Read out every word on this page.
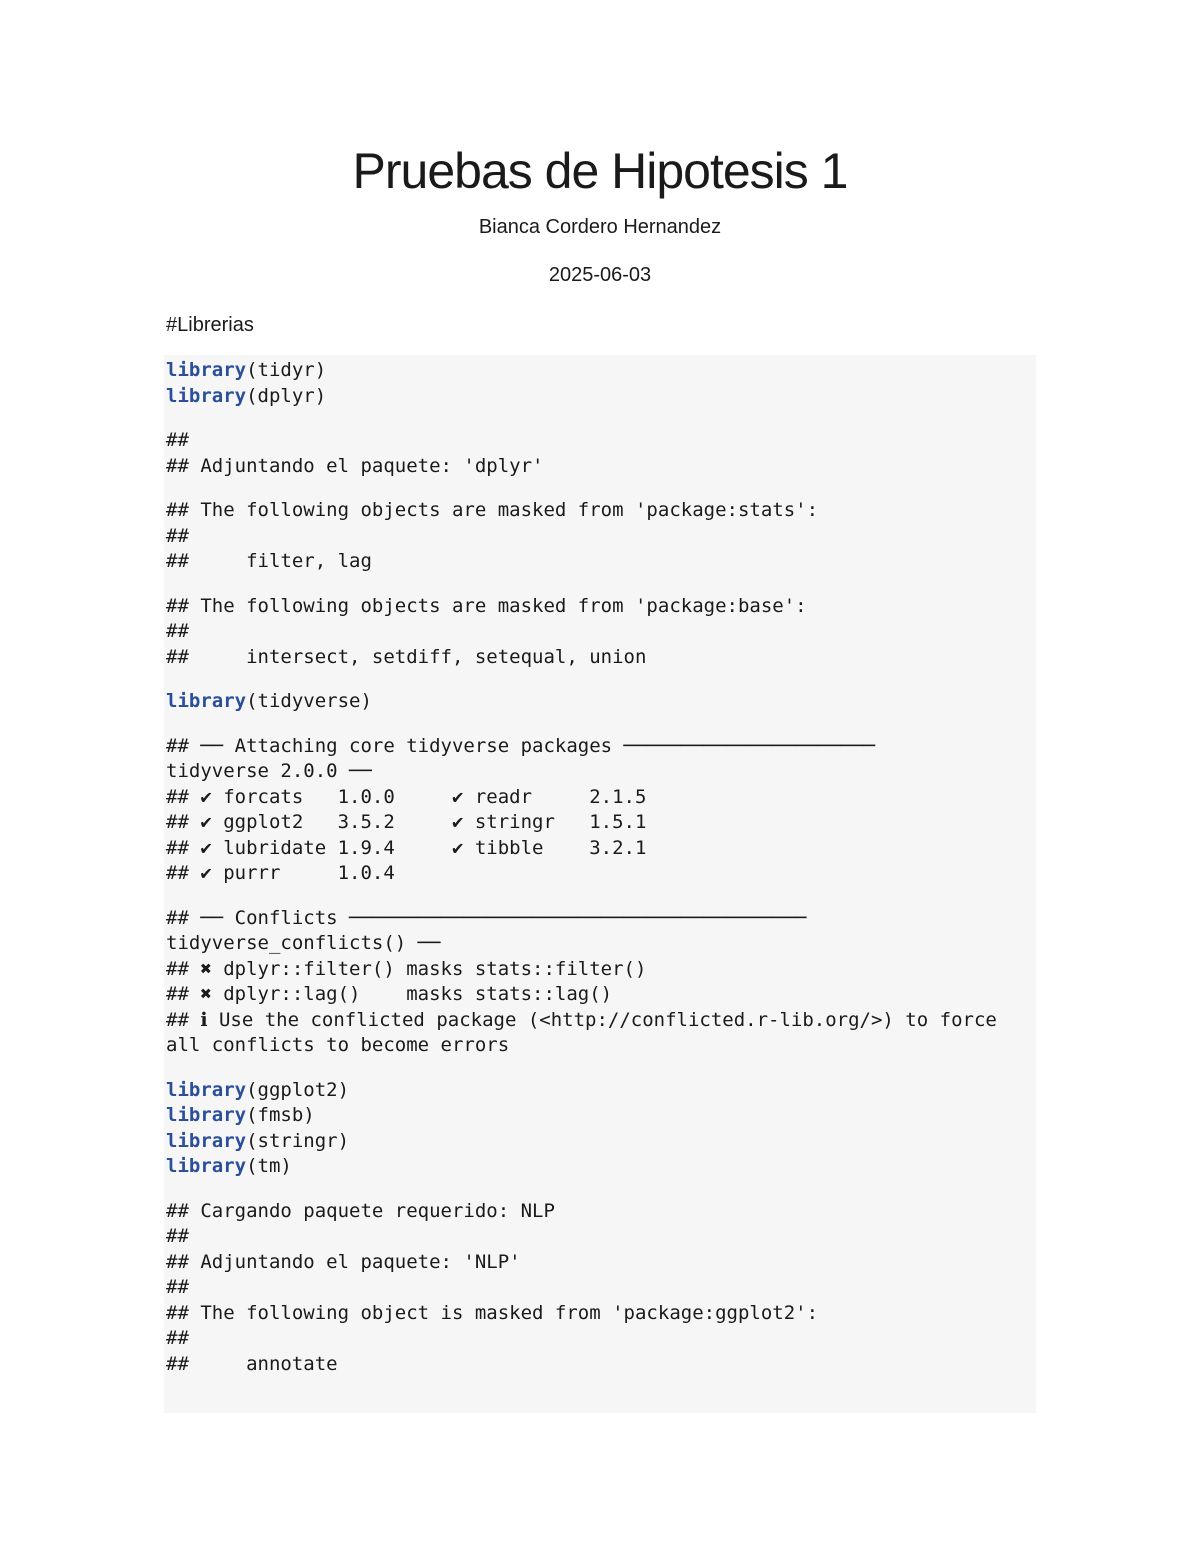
Pruebas de Hipotesis 1
Bianca Cordero Hernandez
2025-06-03
#Librerias
library(tidyr)
library(dplyr)
##
## Adjuntando el paquete: 'dplyr'
## The following objects are masked from 'package:stats':
##
##     filter, lag
## The following objects are masked from 'package:base':
##
##     intersect, setdiff, setequal, union
library(tidyverse)
## ── Attaching core tidyverse packages ──────────────────────
tidyverse 2.0.0 ──
## ✔ forcats   1.0.0     ✔ readr     2.1.5
## ✔ ggplot2   3.5.2     ✔ stringr   1.5.1
## ✔ lubridate 1.9.4     ✔ tibble    3.2.1
## ✔ purrr     1.0.4
## ── Conflicts ────────────────────────────────────────
tidyverse_conflicts() ──
## ✖ dplyr::filter() masks stats::filter()
## ✖ dplyr::lag()    masks stats::lag()
## ℹ Use the conflicted package (<http://conflicted.r-lib.org/>) to force
all conflicts to become errors
library(ggplot2)
library(fmsb)
library(stringr)
library(tm)
## Cargando paquete requerido: NLP
##
## Adjuntando el paquete: 'NLP'
##
## The following object is masked from 'package:ggplot2':
##
##     annotate
